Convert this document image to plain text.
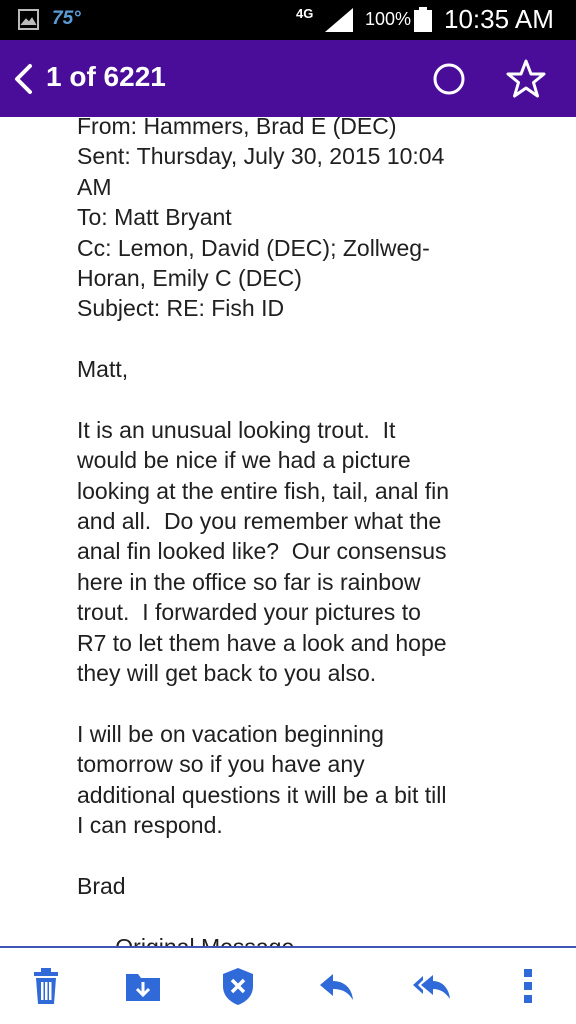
75°	4G	100% 10:35 AM
1 of 6221
From: Hammers, Brad E (DEC)
Sent: Thursday, July 30, 2015 10:04
AM
To: Matt Bryant
Cc: Lemon, David (DEC); Zollweg-
Horan, Emily C (DEC)
Subject: RE: Fish ID
Matt,
It is an unusual looking trout.  It
would be nice if we had a picture
looking at the entire fish, tail, anal fin
and all.  Do you remember what the
anal fin looked like?  Our consensus
here in the office so far is rainbow
trout.  I forwarded your pictures to
R7 to let them have a look and hope
they will get back to you also.
I will be on vacation beginning
tomorrow so if you have any
additional questions it will be a bit till
I can respond.
Brad
